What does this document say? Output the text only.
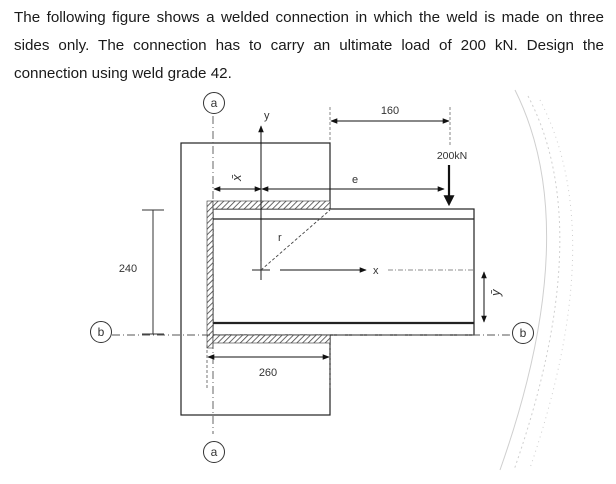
The following figure shows a welded connection in which the weld is made on three
sides only. The connection has to carry an ultimate load of 200 kN. Design the
connection using weld grade 42.
a
a
b	b
y
x
r
x̄	e
160
200kN
ȳ
240
260
